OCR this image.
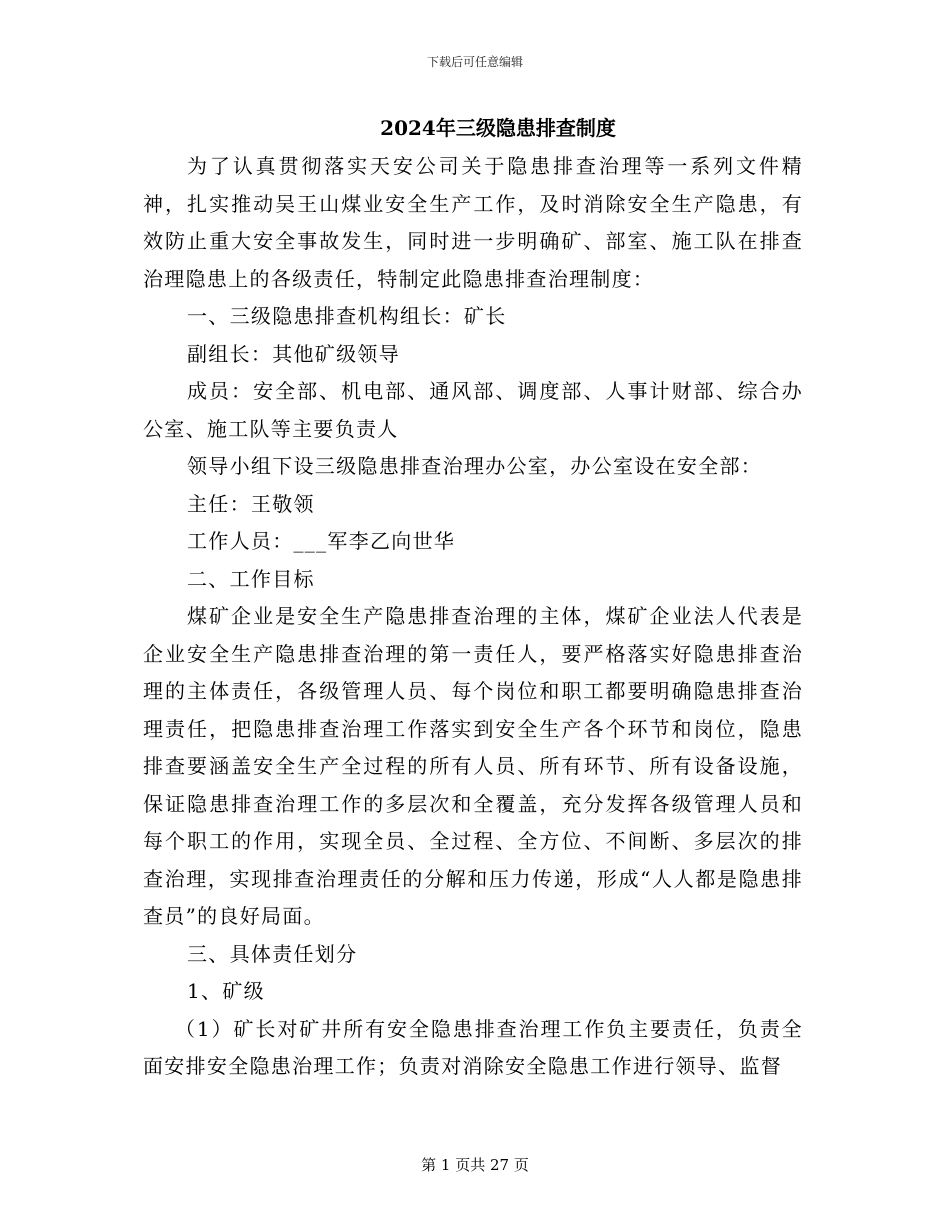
下载后可任意编辑
2024年三级隐患排查制度

为了认真贯彻落实天安公司关于隐患排查治理等一系列文件精神，扎实推动吴王山煤业安全生产工作，及时消除安全生产隐患，有效防止重大安全事故发生，同时进一步明确矿、部室、施工队在排查治理隐患上的各级责任，特制定此隐患排查治理制度：

一、三级隐患排查机构组长：矿长

副组长：其他矿级领导

成员：安全部、机电部、通风部、调度部、人事计财部、综合办公室、施工队等主要负责人

领导小组下设三级隐患排查治理办公室，办公室设在安全部：

主任：王敬领

工作人员：___军李乙向世华

二、工作目标

煤矿企业是安全生产隐患排查治理的主体，煤矿企业法人代表是企业安全生产隐患排查治理的第一责任人，要严格落实好隐患排查治理的主体责任，各级管理人员、每个岗位和职工都要明确隐患排查治理责任，把隐患排查治理工作落实到安全生产各个环节和岗位，隐患排查要涵盖安全生产全过程的所有人员、所有环节、所有设备设施，保证隐患排查治理工作的多层次和全覆盖，充分发挥各级管理人员和每个职工的作用，实现全员、全过程、全方位、不间断、多层次的排查治理，实现排查治理责任的分解和压力传递，形成“人人都是隐患排查员”的良好局面。

三、具体责任划分

1、矿级

（1）矿长对矿井所有安全隐患排查治理工作负主要责任，负责全面安排安全隐患治理工作；负责对消除安全隐患工作进行领导、监督

第 1 页共 27 页
